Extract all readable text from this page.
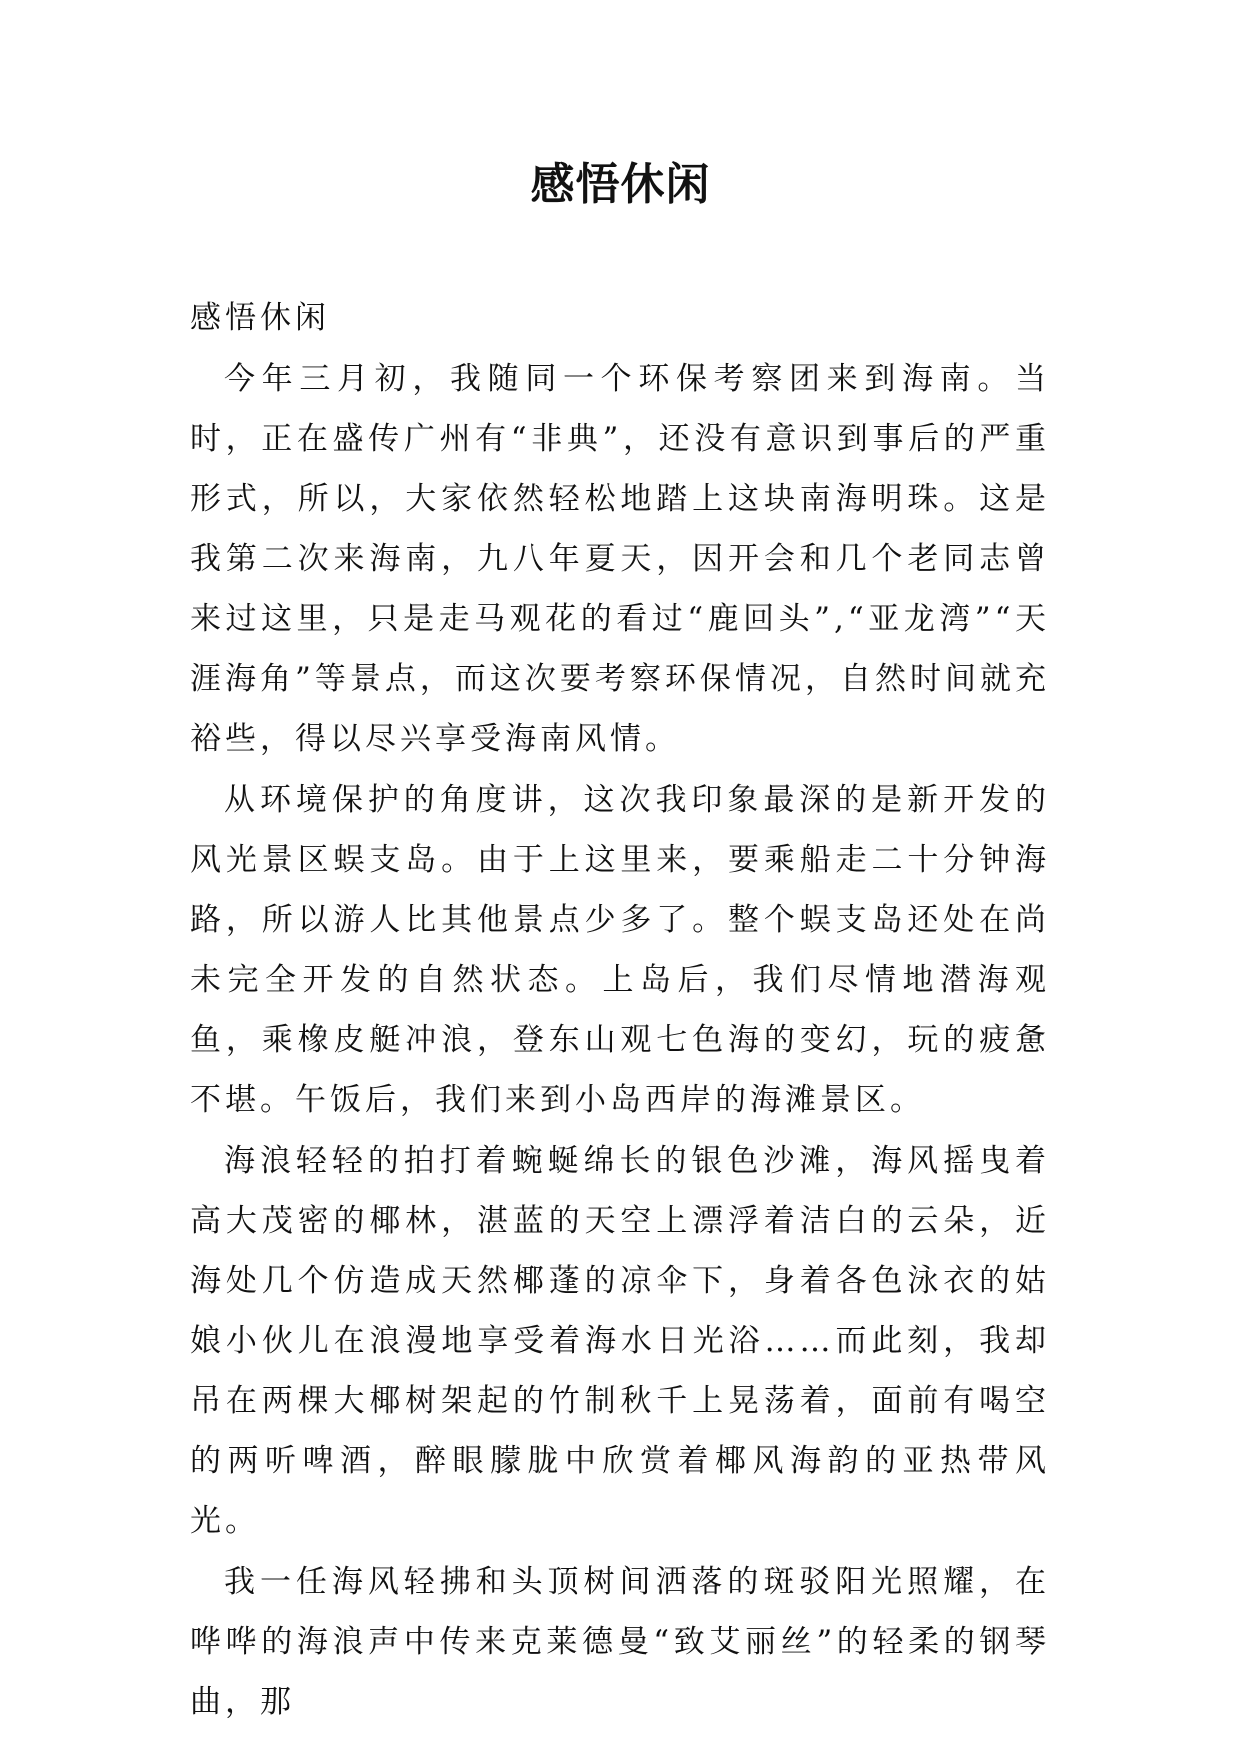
感悟休闲

感悟休闲

今年三月初，我随同一个环保考察团来到海南。当时，正在盛传广州有“非典”，还没有意识到事后的严重形式，所以，大家依然轻松地踏上这块南海明珠。这是我第二次来海南，九八年夏天，因开会和几个老同志曾来过这里，只是走马观花的看过“鹿回头”,“亚龙湾”“天涯海角”等景点，而这次要考察环保情况，自然时间就充裕些，得以尽兴享受海南风情。

从环境保护的角度讲，这次我印象最深的是新开发的风光景区蜈支岛。由于上这里来，要乘船走二十分钟海路，所以游人比其他景点少多了。整个蜈支岛还处在尚未完全开发的自然状态。上岛后，我们尽情地潜海观鱼，乘橡皮艇冲浪，登东山观七色海的变幻，玩的疲惫不堪。午饭后，我们来到小岛西岸的海滩景区。

海浪轻轻的拍打着蜿蜒绵长的银色沙滩，海风摇曳着高大茂密的椰林，湛蓝的天空上漂浮着洁白的云朵，近海处几个仿造成天然椰蓬的凉伞下，身着各色泳衣的姑娘小伙儿在浪漫地享受着海水日光浴……而此刻，我却吊在两棵大椰树架起的竹制秋千上晃荡着，面前有喝空的两听啤酒，醉眼朦胧中欣赏着椰风海韵的亚热带风光。

我一任海风轻拂和头顶树间洒落的斑驳阳光照耀，在哗哗的海浪声中传来克莱德曼“致艾丽丝”的轻柔的钢琴曲，那
